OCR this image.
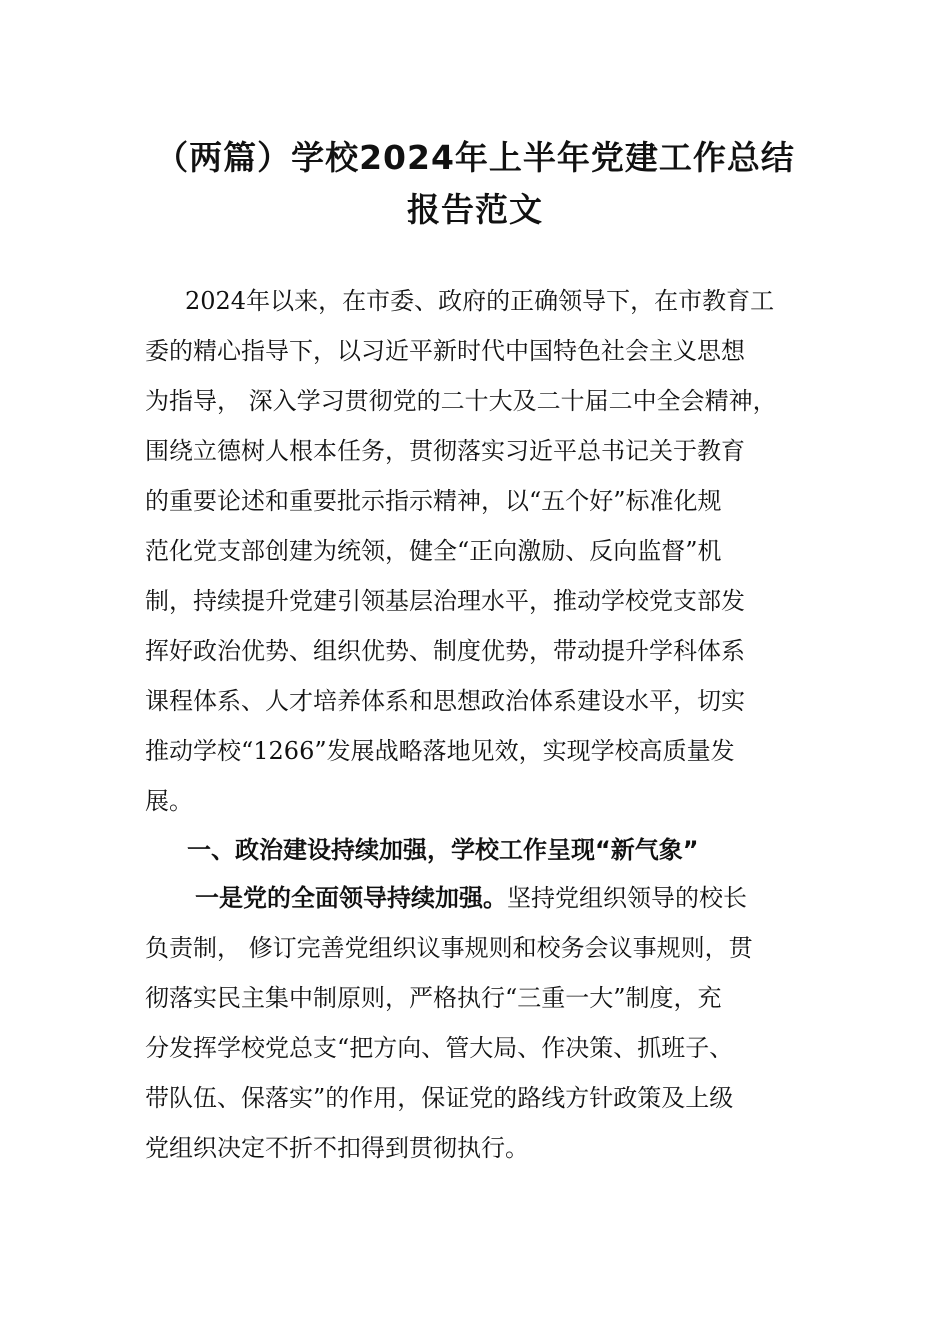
（两篇）学校2024年上半年党建工作总结
报告范文

2024年以来，在市委、政府的正确领导下，在市教育工

委的精心指导下，以习近平新时代中国特色社会主义思想

为指导， 深入学习贯彻党的二十大及二十届二中全会精神，

围绕立德树人根本任务，贯彻落实习近平总书记关于教育

的重要论述和重要批示指示精神，以“五个好”标准化规

范化党支部创建为统领，健全“正向激励、反向监督”机

制，持续提升党建引领基层治理水平，推动学校党支部发

挥好政治优势、组织优势、制度优势，带动提升学科体系

课程体系、人才培养体系和思想政治体系建设水平，切实

推动学校“1266”发展战略落地见效，实现学校高质量发

展。

一、政治建设持续加强，学校工作呈现“新气象”

一是党的全面领导持续加强。坚持党组织领导的校长

负责制， 修订完善党组织议事规则和校务会议事规则，贯

彻落实民主集中制原则，严格执行“三重一大”制度，充

分发挥学校党总支“把方向、管大局、作决策、抓班子、

带队伍、保落实”的作用，保证党的路线方针政策及上级

党组织决定不折不扣得到贯彻执行。
